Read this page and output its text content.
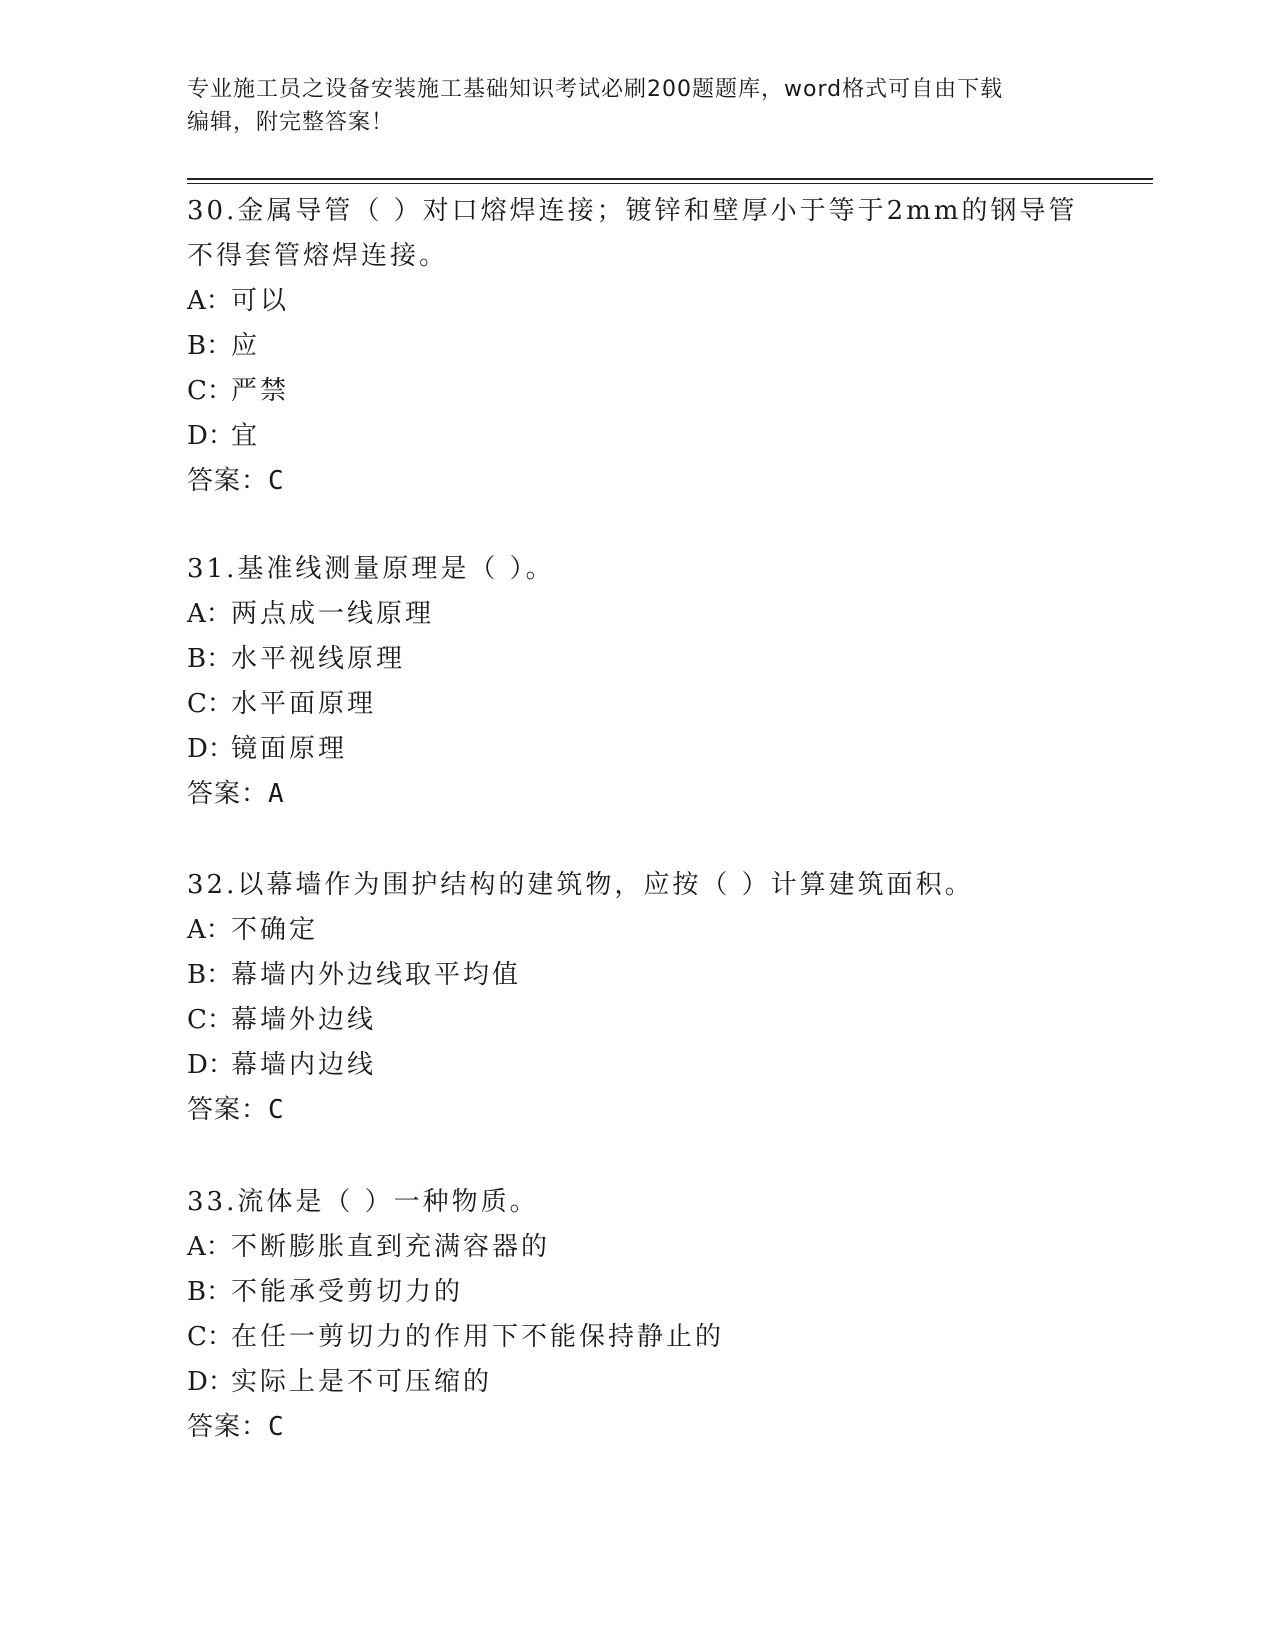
专业施工员之设备安装施工基础知识考试必刷200题题库，word格式可自由下载
编辑，附完整答案！

30.金属导管（ ）对口熔焊连接；镀锌和壁厚小于等于2mm的钢导管

不得套管熔焊连接。

A：可以

B：应

C：严禁

D：宜

答案：C

31.基准线测量原理是（ ）。

A：两点成一线原理

B：水平视线原理

C：水平面原理

D：镜面原理

答案：A

32.以幕墙作为围护结构的建筑物，应按（ ）计算建筑面积。

A：不确定

B：幕墙内外边线取平均值

C：幕墙外边线

D：幕墙内边线

答案：C

33.流体是（ ）一种物质。

A：不断膨胀直到充满容器的

B：不能承受剪切力的

C：在任一剪切力的作用下不能保持静止的

D：实际上是不可压缩的

答案：C
